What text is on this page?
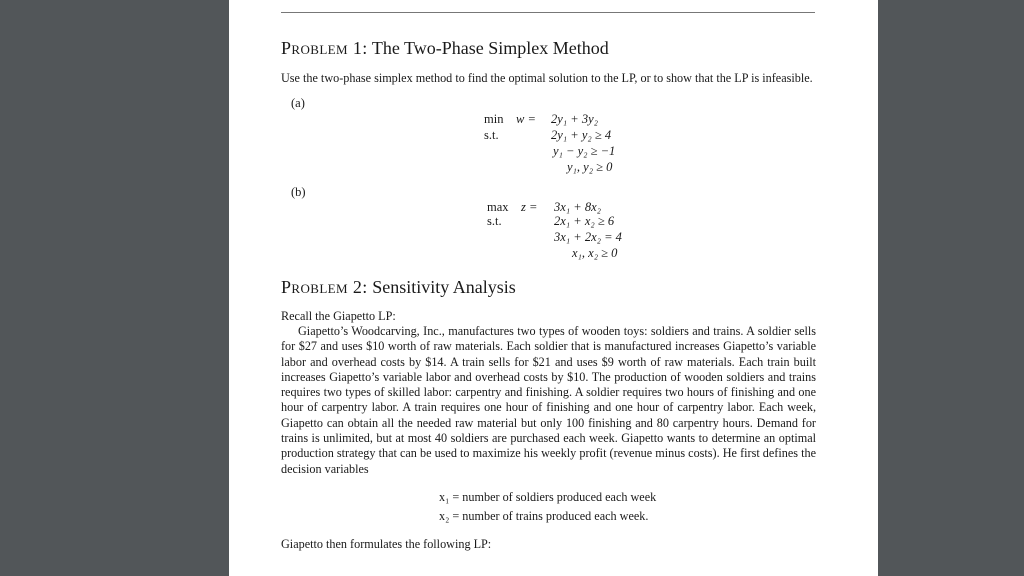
Problem 1: The Two-Phase Simplex Method
Use the two-phase simplex method to find the optimal solution to the LP, or to show that the LP is infeasible.
(a)
min w = 2y₁ + 3y₂
s.t.	2y₁ + y₂ ≥ 4
y₁ − y₂ ≥ −1
y₁, y₂ ≥ 0
(b)
max z = 3x₁ + 8x₂
s.t.	2x₁ + x₂ ≥ 6
3x₁ + 2x₂ = 4
x₁, x₂ ≥ 0
Problem 2: Sensitivity Analysis
Recall the Giapetto LP:
Giapetto’s Woodcarving, Inc., manufactures two types of wooden toys: soldiers and trains. A soldier sells for $27 and uses $10 worth of raw materials. Each soldier that is manufactured increases Giapetto’s variable labor and overhead costs by $14. A train sells for $21 and uses $9 worth of raw materials. Each train built increases Giapetto’s variable labor and overhead costs by $10. The production of wooden soldiers and trains requires two types of skilled labor: carpentry and finishing. A soldier requires two hours of finishing and one hour of carpentry labor. A train requires one hour of finishing and one hour of carpentry labor. Each week, Giapetto can obtain all the needed raw material but only 100 finishing and 80 carpentry hours. Demand for trains is unlimited, but at most 40 soldiers are purchased each week. Giapetto wants to determine an optimal production strategy that can be used to maximize his weekly profit (revenue minus costs). He first defines the decision variables
x₁ = number of soldiers produced each week
x₂ = number of trains produced each week.
Giapetto then formulates the following LP:
